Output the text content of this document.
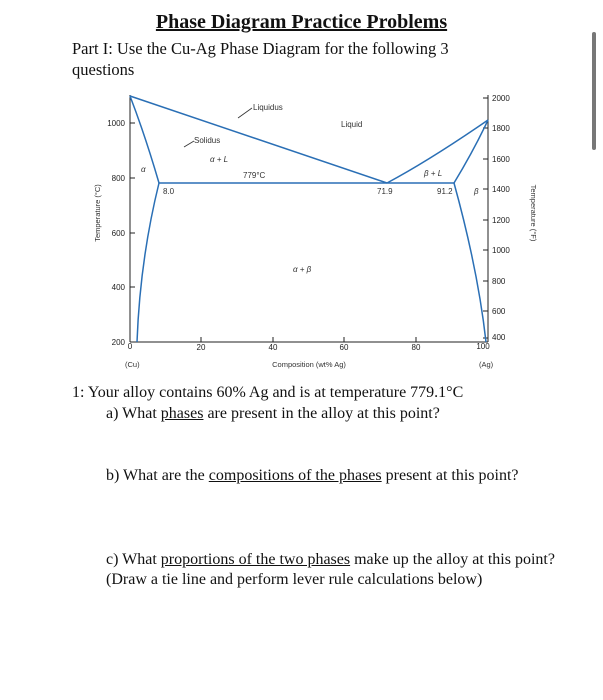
Phase Diagram Practice Problems
Part I: Use the Cu-Ag Phase Diagram for the following 3 questions
1000
800
600
400
200
2000
1800
1600
1400
1200
1000
800
600
400
0	20	40	60	80	100
(Cu)	(Ag)
Composition (wt% Ag)
Temperature (°C)	Temperature (°F)
Liquidus
Solidus
Liquid
α
α + L
β + L
β
α + β
779°C
8.0	71.9	91.2
1: Your alloy contains 60% Ag and is at temperature 779.1°C
a) What phases are present in the alloy at this point?
b) What are the compositions of the phases present at this point?
c) What proportions of the two phases make up the alloy at this point? (Draw a tie line and perform lever rule calculations below)
